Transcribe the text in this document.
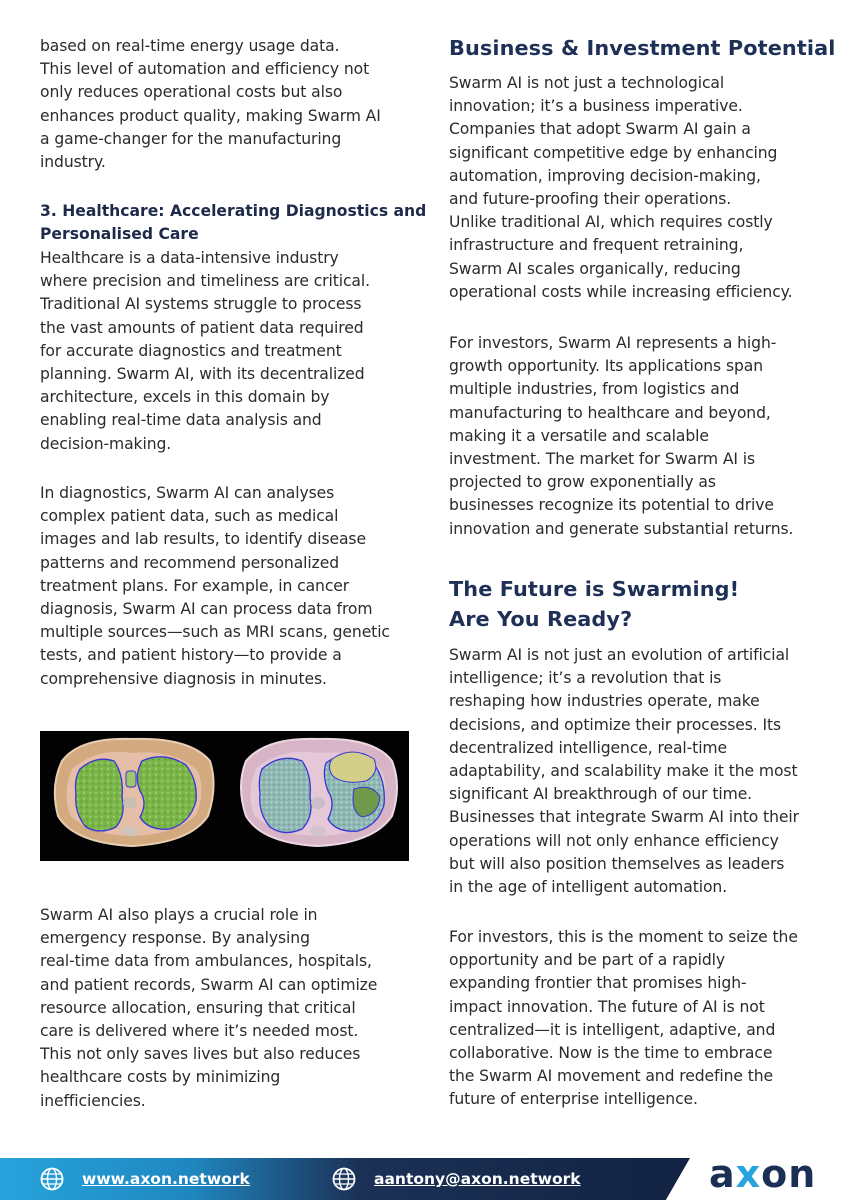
based on real-time energy usage data.
This level of automation and efficiency not
only reduces operational costs but also
enhances product quality, making Swarm AI
a game-changer for the manufacturing
industry.
3. Healthcare: Accelerating Diagnostics and
Personalised Care
Healthcare is a data-intensive industry
where precision and timeliness are critical.
Traditional AI systems struggle to process
the vast amounts of patient data required
for accurate diagnostics and treatment
planning. Swarm AI, with its decentralized
architecture, excels in this domain by
enabling real-time data analysis and
decision-making.
In diagnostics, Swarm AI can analyses
complex patient data, such as medical
images and lab results, to identify disease
patterns and recommend personalized
treatment plans. For example, in cancer
diagnosis, Swarm AI can process data from
multiple sources—such as MRI scans, genetic
tests, and patient history—to provide a
comprehensive diagnosis in minutes.
Swarm AI also plays a crucial role in
emergency response. By analysing
real-time data from ambulances, hospitals,
and patient records, Swarm AI can optimize
resource allocation, ensuring that critical
care is delivered where it’s needed most.
This not only saves lives but also reduces
healthcare costs by minimizing
inefficiencies.
Business & Investment Potential
Swarm AI is not just a technological
innovation; it’s a business imperative.
Companies that adopt Swarm AI gain a
significant competitive edge by enhancing
automation, improving decision-making,
and future-proofing their operations.
Unlike traditional AI, which requires costly
infrastructure and frequent retraining,
Swarm AI scales organically, reducing
operational costs while increasing efficiency.
For investors, Swarm AI represents a high-
growth opportunity. Its applications span
multiple industries, from logistics and
manufacturing to healthcare and beyond,
making it a versatile and scalable
investment. The market for Swarm AI is
projected to grow exponentially as
businesses recognize its potential to drive
innovation and generate substantial returns.
The Future is Swarming!
Are You Ready?
Swarm AI is not just an evolution of artificial
intelligence; it’s a revolution that is
reshaping how industries operate, make
decisions, and optimize their processes. Its
decentralized intelligence, real-time
adaptability, and scalability make it the most
significant AI breakthrough of our time.
Businesses that integrate Swarm AI into their
operations will not only enhance efficiency
but will also position themselves as leaders
in the age of intelligent automation.
For investors, this is the moment to seize the
opportunity and be part of a rapidly
expanding frontier that promises high-
impact innovation. The future of AI is not
centralized—it is intelligent, adaptive, and
collaborative. Now is the time to embrace
the Swarm AI movement and redefine the
future of enterprise intelligence.
www.axon.network	aantony@axon.network	axon
